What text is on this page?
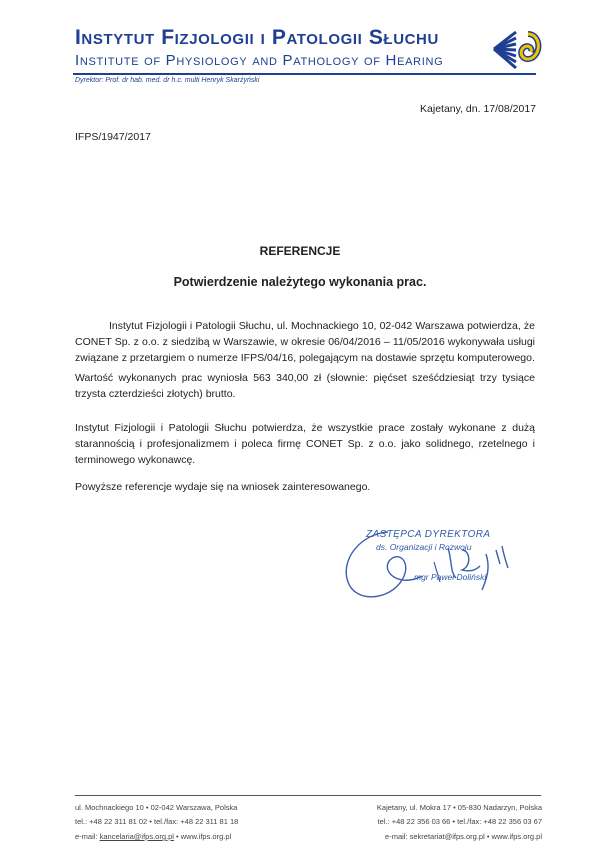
Instytut Fizjologii i Patologii Słuchu
Institute of Physiology and Pathology of Hearing
Dyrektor: Prof. dr hab. med. dr h.c. multi Henryk Skarżyński
Kajetany, dn. 17/08/2017
IFPS/1947/2017
REFERENCJE
Potwierdzenie należytego wykonania prac.
Instytut Fizjologii i Patologii Słuchu, ul. Mochnackiego 10, 02-042 Warszawa potwierdza, że CONET Sp. z o.o. z siedzibą w Warszawie, w okresie 06/04/2016 – 11/05/2016 wykonywała usługi związane z przetargiem o numerze IFPS/04/16, polegającym na dostawie sprzętu komputerowego.
Wartość wykonanych prac wyniosła 563 340,00 zł (słownie: pięćset sześćdziesiąt trzy tysiące trzysta czterdzieści złotych) brutto.
Instytut Fizjologii i Patologii Słuchu potwierdza, że wszystkie prace zostały wykonane z dużą starannością i profesjonalizmem i poleca firmę CONET Sp. z o.o. jako solidnego, rzetelnego i terminowego wykonawcę.
Powyższe referencje wydaje się na wniosek zainteresowanego.
ZASTĘPCA DYREKTORA
ds. Organizacji i Rozwoju
mgr Paweł Doliński
ul. Mochnackiego 10 • 02-042 Warszawa, Polska
tel.: +48 22 311 81 02 • tel./fax: +48 22 311 81 18
e-mail: kancelaria@ifps.org.pl • www.ifps.org.pl
Kajetany, ul. Mokra 17 • 05-830 Nadarzyn, Polska
tel.: +48 22 356 03 66 • tel./fax: +48 22 356 03 67
e-mail: sekretariat@ifps.org.pl • www.ifps.org.pl
